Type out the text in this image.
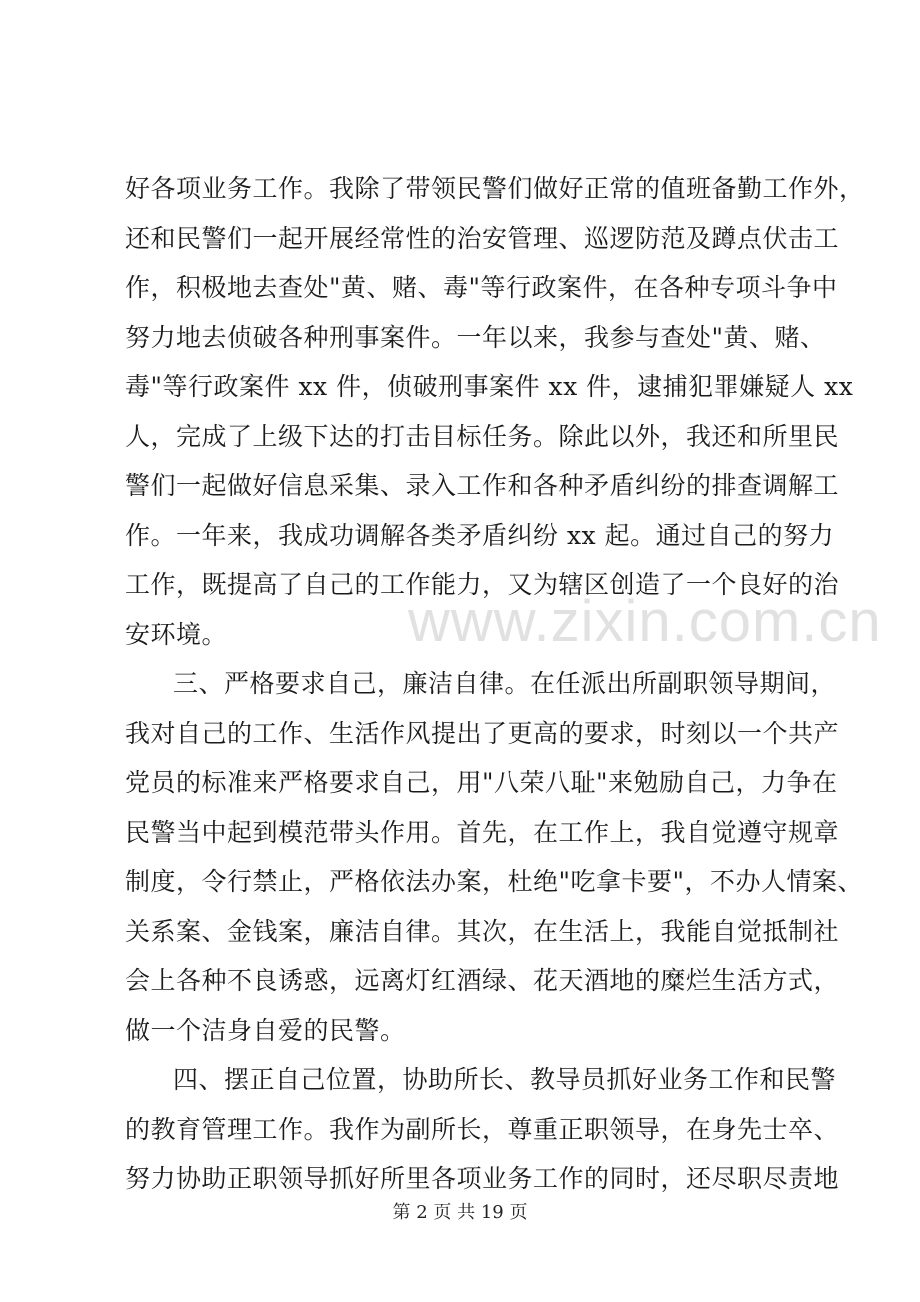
好各项业务工作。我除了带领民警们做好正常的值班备勤工作外，
还和民警们一起开展经常性的治安管理、巡逻防范及蹲点伏击工
作，积极地去查处"黄、赌、毒"等行政案件，在各种专项斗争中
努力地去侦破各种刑事案件。一年以来，我参与查处"黄、赌、
毒"等行政案件 xx 件，侦破刑事案件 xx 件，逮捕犯罪嫌疑人 xx
人，完成了上级下达的打击目标任务。除此以外，我还和所里民
警们一起做好信息采集、录入工作和各种矛盾纠纷的排查调解工
作。一年来，我成功调解各类矛盾纠纷 xx 起。通过自己的努力
工作，既提高了自己的工作能力，又为辖区创造了一个良好的治
安环境。
三、严格要求自己，廉洁自律。在任派出所副职领导期间，
我对自己的工作、生活作风提出了更高的要求，时刻以一个共产
党员的标准来严格要求自己，用"八荣八耻"来勉励自己，力争在
民警当中起到模范带头作用。首先，在工作上，我自觉遵守规章
制度，令行禁止，严格依法办案，杜绝"吃拿卡要"，不办人情案、
关系案、金钱案，廉洁自律。其次，在生活上，我能自觉抵制社
会上各种不良诱惑，远离灯红酒绿、花天酒地的糜烂生活方式，
做一个洁身自爱的民警。
四、摆正自己位置，协助所长、教导员抓好业务工作和民警
的教育管理工作。我作为副所长，尊重正职领导，在身先士卒、
努力协助正职领导抓好所里各项业务工作的同时，还尽职尽责地
www.zixin.com.cn
第 2 页 共 19 页
